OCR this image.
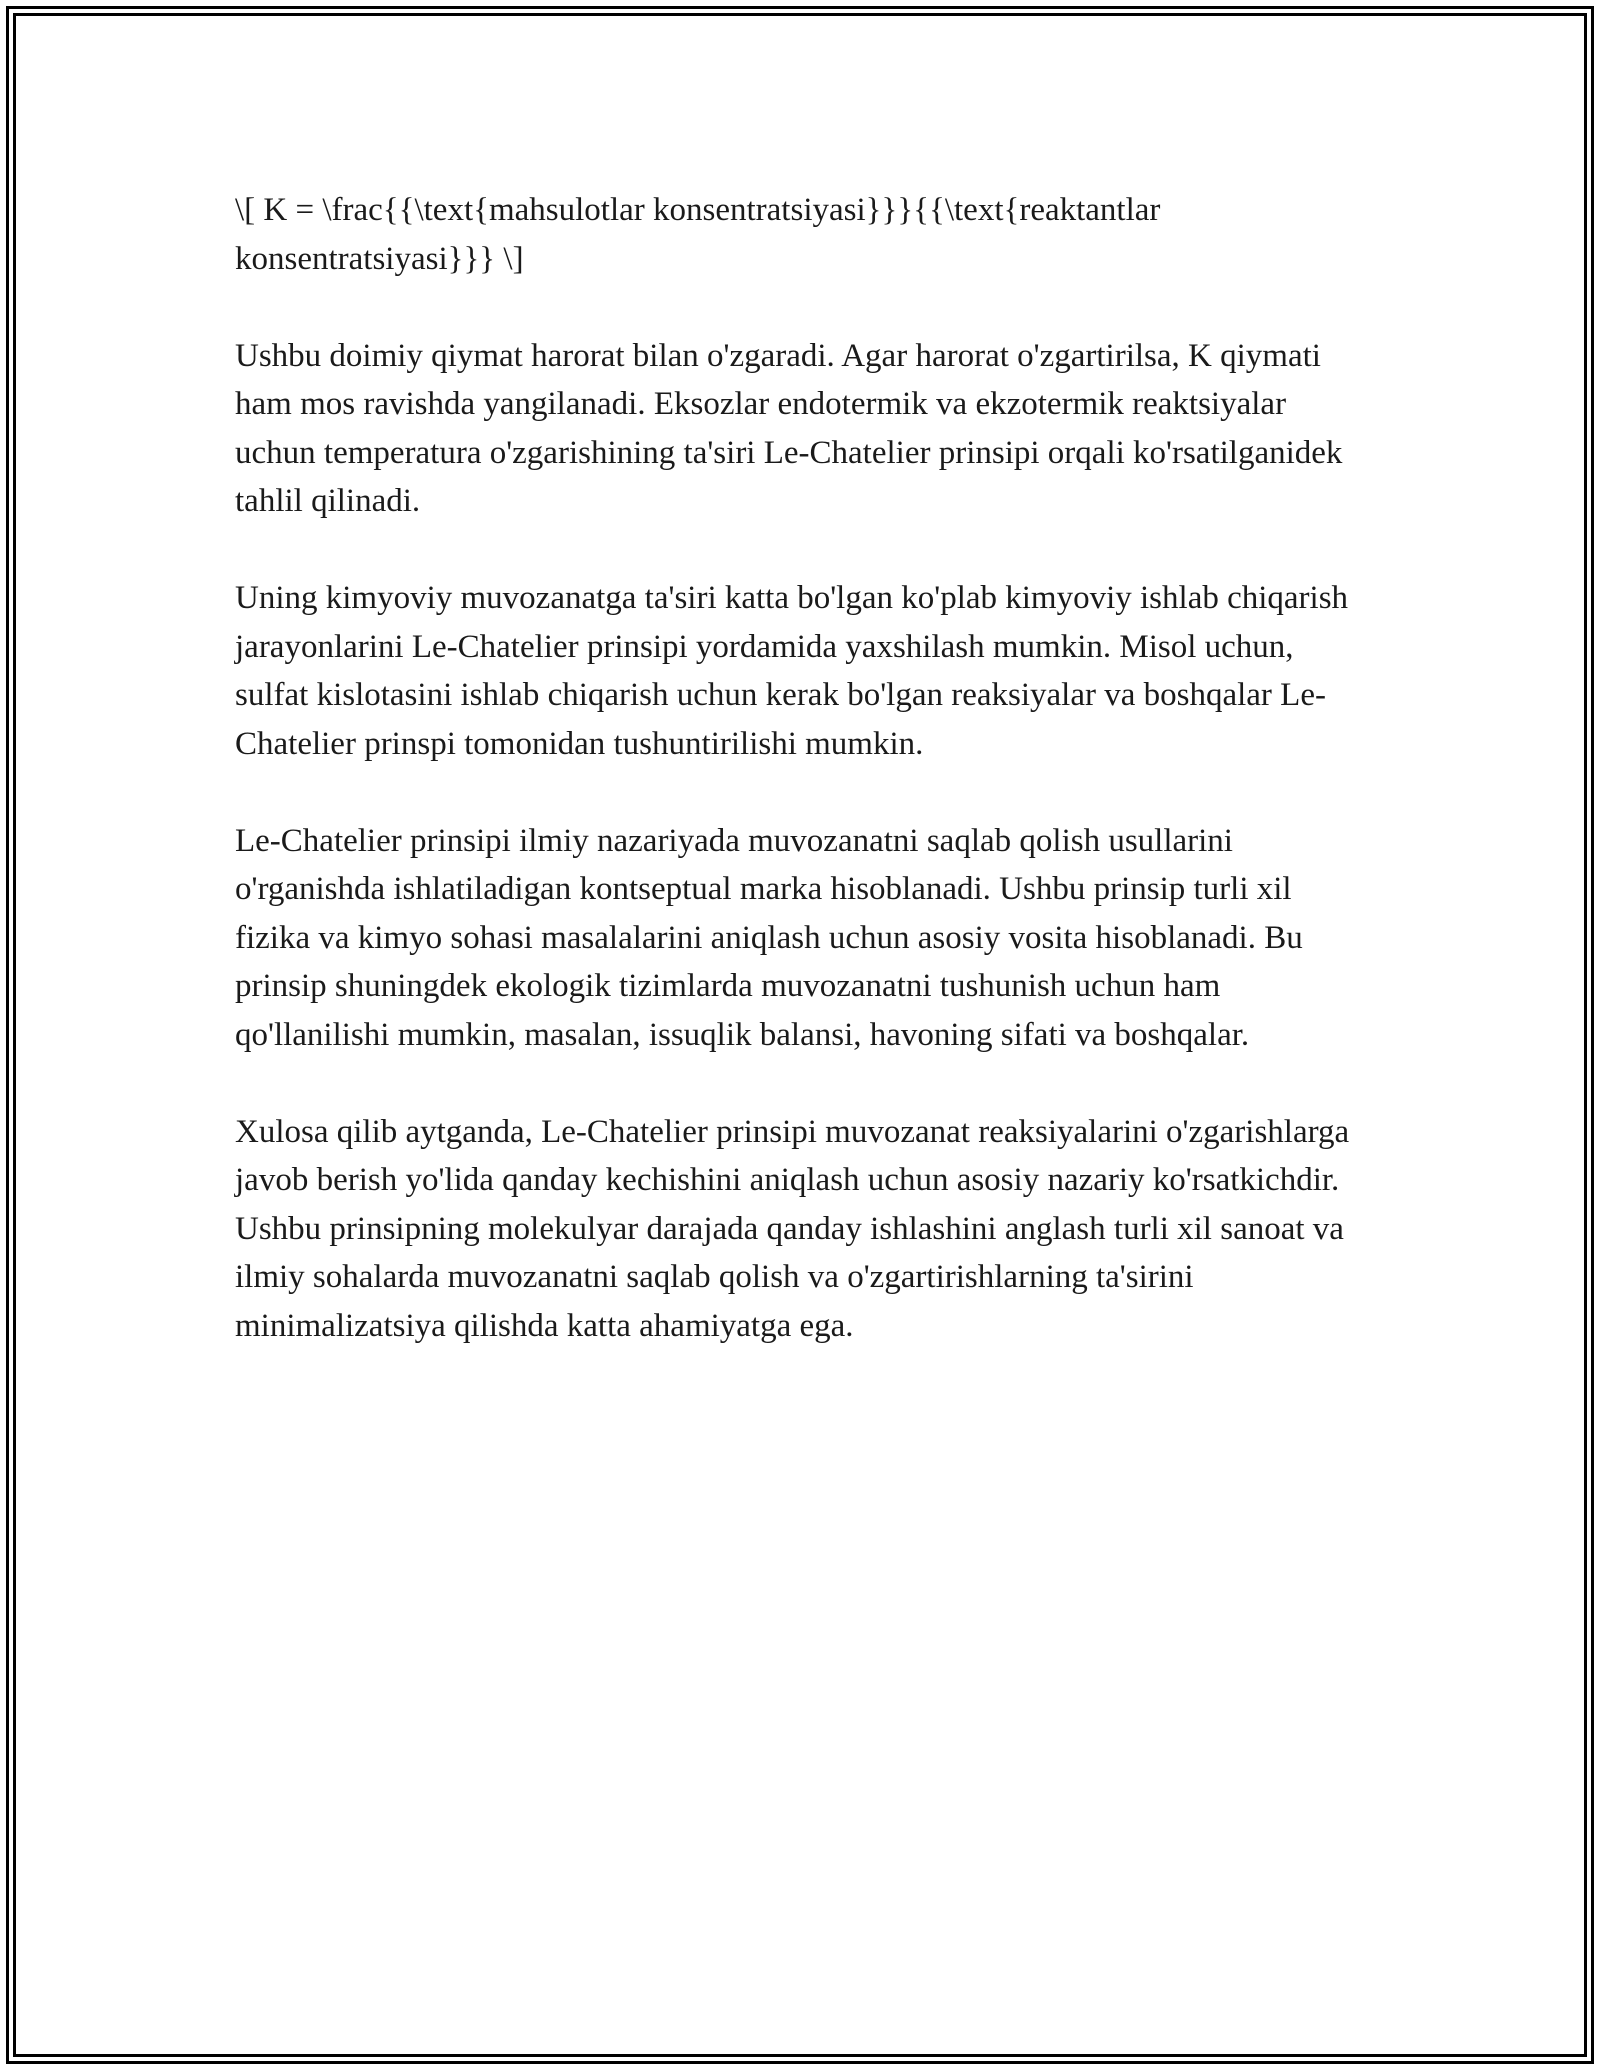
\[ K = \frac{{\text{mahsulotlar konsentratsiyasi}}}{{\text{reaktantlar konsentratsiyasi}}} \]

Ushbu doimiy qiymat harorat bilan o'zgaradi. Agar harorat o'zgartirilsa, K qiymati ham mos ravishda yangilanadi. Eksozlar endotermik va ekzotermik reaktsiyalar uchun temperatura o'zgarishining ta'siri Le-Chatelier prinsipi orqali ko'rsatilganidek tahlil qilinadi.

Uning kimyoviy muvozanatga ta'siri katta bo'lgan ko'plab kimyoviy ishlab chiqarish jarayonlarini Le-Chatelier prinsipi yordamida yaxshilash mumkin. Misol uchun, sulfat kislotasini ishlab chiqarish uchun kerak bo'lgan reaksiyalar va boshqalar Le-Chatelier prinspi tomonidan tushuntirilishi mumkin.

Le-Chatelier prinsipi ilmiy nazariyada muvozanatni saqlab qolish usullarini o'rganishda ishlatiladigan kontseptual marka hisoblanadi. Ushbu prinsip turli xil fizika va kimyo sohasi masalalarini aniqlash uchun asosiy vosita hisoblanadi. Bu prinsip shuningdek ekologik tizimlarda muvozanatni tushunish uchun ham qo'llanilishi mumkin, masalan, issuqlik balansi, havoning sifati va boshqalar.

Xulosa qilib aytganda, Le-Chatelier prinsipi muvozanat reaksiyalarini o'zgarishlarga javob berish yo'lida qanday kechishini aniqlash uchun asosiy nazariy ko'rsatkichdir. Ushbu prinsipning molekulyar darajada qanday ishlashini anglash turli xil sanoat va ilmiy sohalarda muvozanatni saqlab qolish va o'zgartirishlarning ta'sirini minimalizatsiya qilishda katta ahamiyatga ega.
